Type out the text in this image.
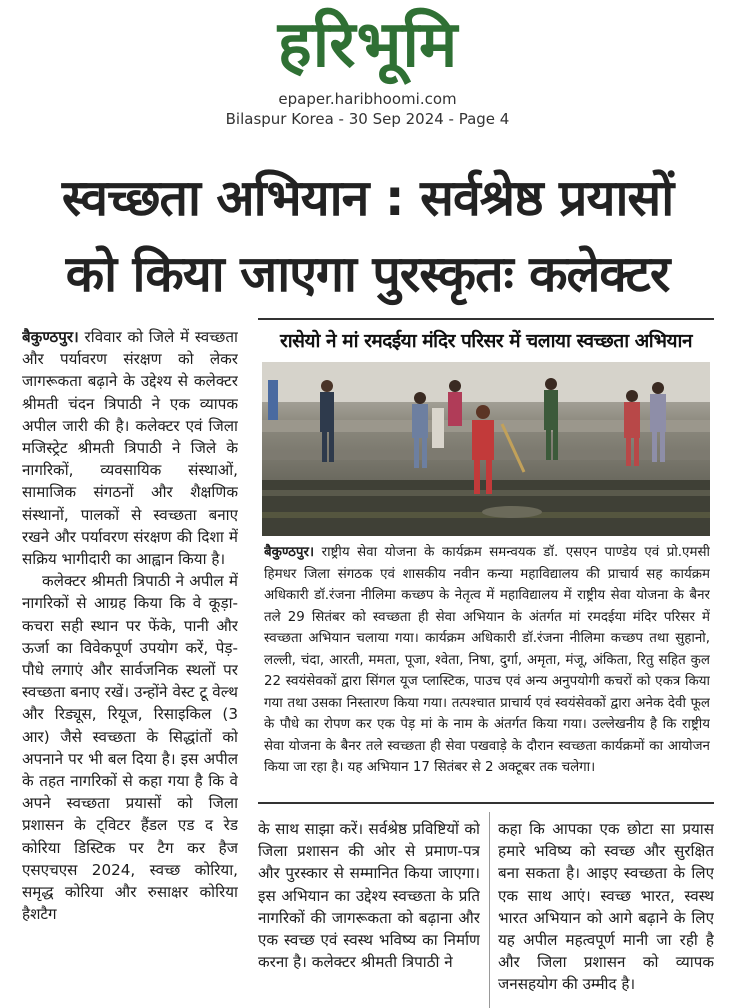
हरिभूमि
epaper.haribhoomi.com
Bilaspur Korea - 30 Sep 2024 - Page 4
स्वच्छता अभियान : सर्वश्रेष्ठ प्रयासों
को किया जाएगा पुरस्कृतः कलेक्टर

बैकुण्ठपुर। रविवार को जिले में स्वच्छता और पर्यावरण संरक्षण को लेकर जागरूकता बढ़ाने के उद्देश्य से कलेक्टर श्रीमती चंदन त्रिपाठी ने एक व्यापक अपील जारी की है। कलेक्टर एवं जिला मजिस्ट्रेट श्रीमती त्रिपाठी ने जिले के नागरिकों, व्यवसायिक संस्थाओं, सामाजिक संगठनों और शैक्षणिक संस्थानों, पालकों से स्वच्छता बनाए रखने और पर्यावरण संरक्षण की दिशा में सक्रिय भागीदारी का आह्वान किया है।

कलेक्टर श्रीमती त्रिपाठी ने अपील में नागरिकों से आग्रह किया कि वे कूड़ा-कचरा सही स्थान पर फेंके, पानी और ऊर्जा का विवेकपूर्ण उपयोग करें, पेड़-पौधे लगाएं और सार्वजनिक स्थलों पर स्वच्छता बनाए रखें। उन्होंने वेस्ट टू वेल्थ और रिड्यूस, रियूज, रिसाइकिल (3 आर) जैसे स्वच्छता के सिद्धांतों को अपनाने पर भी बल दिया है। इस अपील के तहत नागरिकों से कहा गया है कि वे अपने स्वच्छता प्रयासों को जिला प्रशासन के ट्विटर हैंडल एड द रेड कोरिया डिस्टिक पर टैग कर हैज एसएचएस 2024, स्वच्छ कोरिया, समृद्ध कोरिया और रुसाक्षर कोरिया हैशटैग

रासेयो ने मां रमदईया मंदिर परिसर में चलाया स्वच्छता अभियान

बैकुण्ठपुर। राष्ट्रीय सेवा योजना के कार्यक्रम समन्वयक डॉ. एसएन पाण्डेय एवं प्रो.एमसी हिमधर जिला संगठक एवं शासकीय नवीन कन्या महाविद्यालय की प्राचार्य सह कार्यक्रम अधिकारी डॉ.रंजना नीलिमा कच्छप के नेतृत्व में महाविद्यालय में राष्ट्रीय सेवा योजना के बैनर तले 29 सितंबर को स्वच्छता ही सेवा अभियान के अंतर्गत मां रमदईया मंदिर परिसर में स्वच्छता अभियान चलाया गया। कार्यक्रम अधिकारी डॉ.रंजना नीलिमा कच्छप तथा सुहानो, लल्ली, चंदा, आरती, ममता, पूजा, श्वेता, निषा, दुर्गा, अमृता, मंजू, अंकिता, रितु सहित कुल 22 स्वयंसेवकों द्वारा सिंगल यूज प्लास्टिक, पाउच एवं अन्य अनुपयोगी कचरों को एकत्र किया गया तथा उसका निस्तारण किया गया। तत्पश्चात प्राचार्य एवं स्वयंसेवकों द्वारा अनेक देवी फूल के पौधे का रोपण कर एक पेड़ मां के नाम के अंतर्गत किया गया। उल्लेखनीय है कि राष्ट्रीय सेवा योजना के बैनर तले स्वच्छता ही सेवा पखवाड़े के दौरान स्वच्छता कार्यक्रमों का आयोजन किया जा रहा है। यह अभियान 17 सितंबर से 2 अक्टूबर तक चलेगा।

के साथ साझा करें। सर्वश्रेष्ठ प्रविष्टियों को जिला प्रशासन की ओर से प्रमाण-पत्र और पुरस्कार से सम्मानित किया जाएगा। इस अभियान का उद्देश्य स्वच्छता के प्रति नागरिकों की जागरूकता को बढ़ाना और एक स्वच्छ एवं स्वस्थ भविष्य का निर्माण करना है। कलेक्टर श्रीमती त्रिपाठी ने

कहा कि आपका एक छोटा सा प्रयास हमारे भविष्य को स्वच्छ और सुरक्षित बना सकता है। आइए स्वच्छता के लिए एक साथ आएं। स्वच्छ भारत, स्वस्थ भारत अभियान को आगे बढ़ाने के लिए यह अपील महत्वपूर्ण मानी जा रही है और जिला प्रशासन को व्यापक जनसहयोग की उम्मीद है।
